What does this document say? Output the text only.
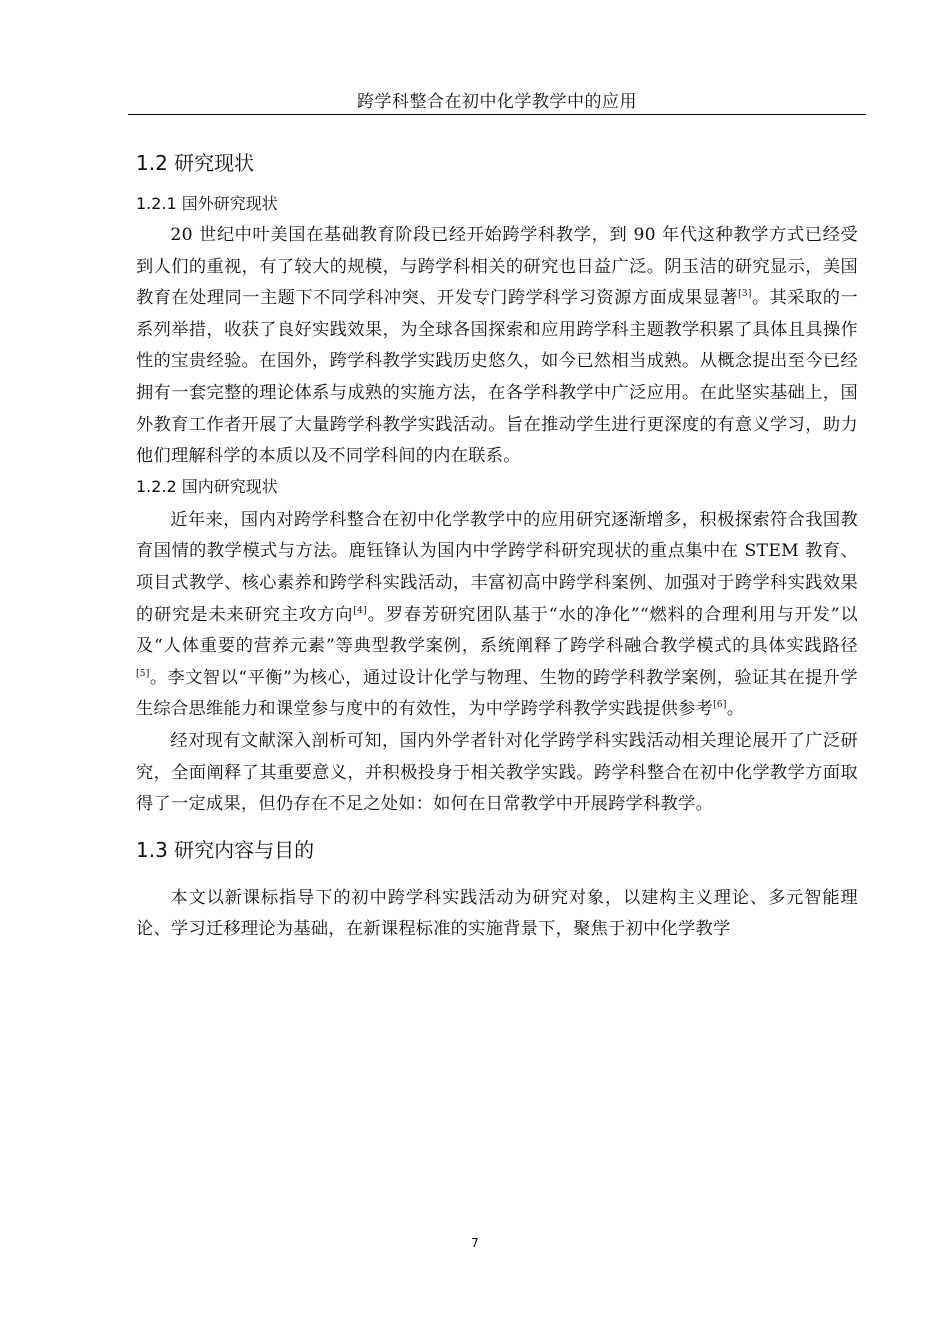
跨学科整合在初中化学教学中的应用
1.2 研究现状
1.2.1 国外研究现状

20 世纪中叶美国在基础教育阶段已经开始跨学科教学，到 90 年代这种教学方式已经受到人们的重视，有了较大的规模，与跨学科相关的研究也日益广泛。阴玉洁的研究显示，美国教育在处理同一主题下不同学科冲突、开发专门跨学科学习资源方面成果显著[3]。其采取的一系列举措，收获了良好实践效果，为全球各国探索和应用跨学科主题教学积累了具体且具操作性的宝贵经验。在国外，跨学科教学实践历史悠久，如今已然相当成熟。从概念提出至今已经拥有一套完整的理论体系与成熟的实施方法，在各学科教学中广泛应用。在此坚实基础上，国外教育工作者开展了大量跨学科教学实践活动。旨在推动学生进行更深度的有意义学习，助力他们理解科学的本质以及不同学科间的内在联系。

1.2.2 国内研究现状

近年来，国内对跨学科整合在初中化学教学中的应用研究逐渐增多，积极探索符合我国教育国情的教学模式与方法。鹿钰锋认为国内中学跨学科研究现状的重点集中在 STEM 教育、项目式教学、核心素养和跨学科实践活动，丰富初高中跨学科案例、加强对于跨学科实践效果的研究是未来研究主攻方向[4]。罗春芳研究团队基于“水的净化”“燃料的合理利用与开发”以及“人体重要的营养元素”等典型教学案例，系统阐释了跨学科融合教学模式的具体实践路径[5]。李文智以“平衡”为核心，通过设计化学与物理、生物的跨学科教学案例，验证其在提升学生综合思维能力和课堂参与度中的有效性，为中学跨学科教学实践提供参考[6]。

经对现有文献深入剖析可知，国内外学者针对化学跨学科实践活动相关理论展开了广泛研究，全面阐释了其重要意义，并积极投身于相关教学实践。跨学科整合在初中化学教学方面取得了一定成果，但仍存在不足之处如：如何在日常教学中开展跨学科教学。

1.3 研究内容与目的

本文以新课标指导下的初中跨学科实践活动为研究对象，以建构主义理论、多元智能理论、学习迁移理论为基础，在新课程标准的实施背景下，聚焦于初中化学教学

7
